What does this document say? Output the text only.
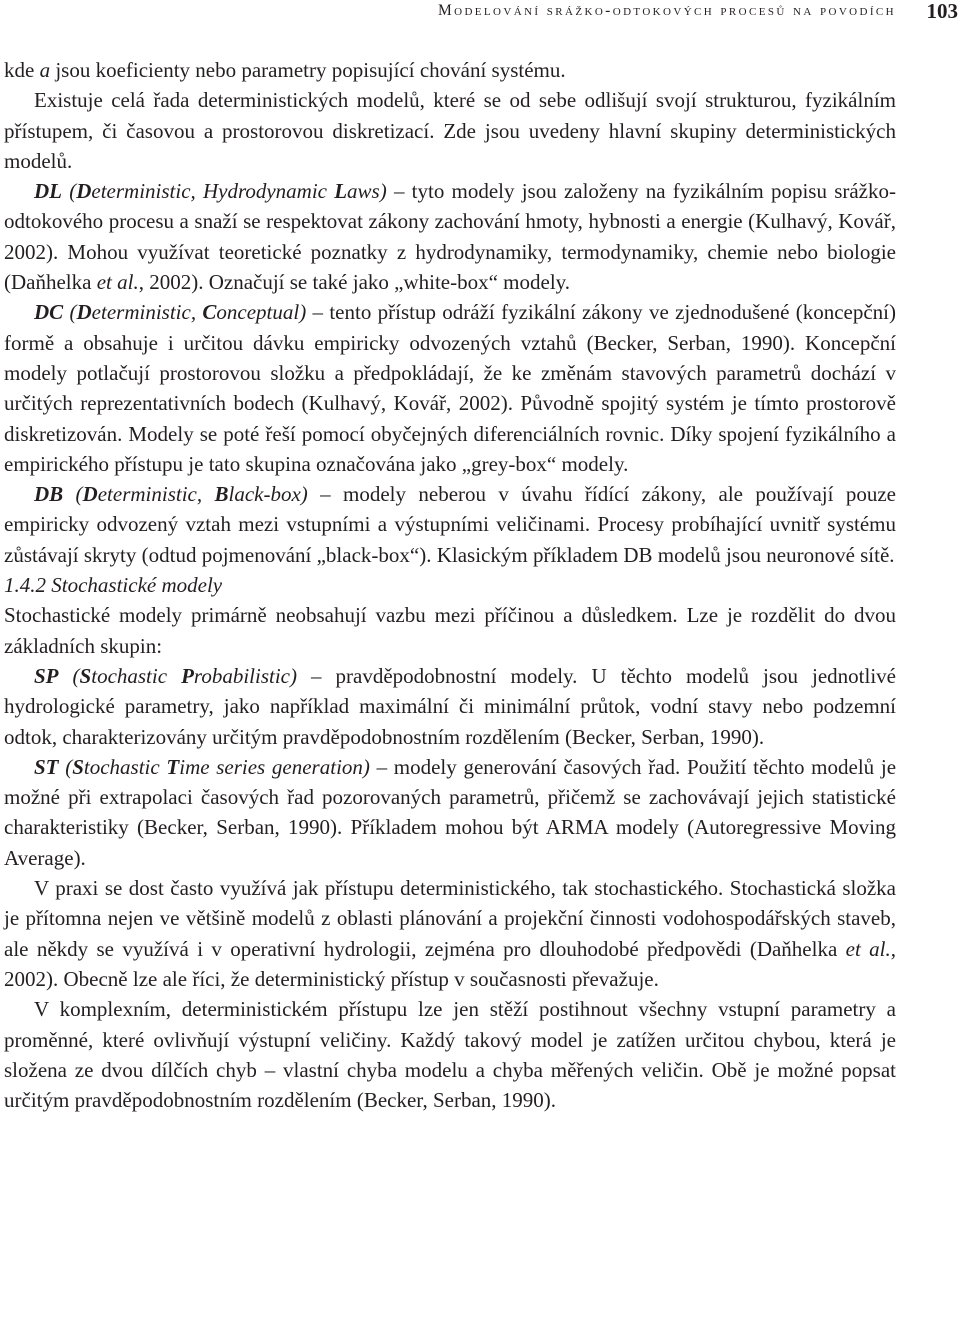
Modelování srážko-odtokových procesů na povodích 103

kde a jsou koeficienty nebo parametry popisující chování systému.

Existuje celá řada deterministických modelů, které se od sebe odlišují svojí strukturou, fyzikálním přístupem, či časovou a prostorovou diskretizací. Zde jsou uvedeny hlavní skupiny deterministických modelů.

DL (Deterministic, Hydrodynamic Laws) – tyto modely jsou založeny na fyzikálním popisu srážko-odtokového procesu a snaží se respektovat zákony zachování hmoty, hybnosti a energie (Kulhavý, Kovář, 2002). Mohou využívat teoretické poznatky z hydrodynamiky, termodynamiky, chemie nebo biologie (Daňhelka et al., 2002). Označují se také jako „white-box“ modely.

DC (Deterministic, Conceptual) – tento přístup odráží fyzikální zákony ve zjednodušené (koncepční) formě a obsahuje i určitou dávku empiricky odvozených vztahů (Becker, Serban, 1990). Koncepční modely potlačují prostorovou složku a předpokládají, že ke změnám stavových parametrů dochází v určitých reprezentativních bodech (Kulhavý, Kovář, 2002). Původně spojitý systém je tímto prostorově diskretizován. Modely se poté řeší pomocí obyčejných diferenciálních rovnic. Díky spojení fyzikálního a empirického přístupu je tato skupina označována jako „grey-box“ modely.

DB (Deterministic, Black-box) – modely neberou v úvahu řídící zákony, ale používají pouze empiricky odvozený vztah mezi vstupními a výstupními veličinami. Procesy probíhající uvnitř systému zůstávají skryty (odtud pojmenování „black-box“). Klasickým příkladem DB modelů jsou neuronové sítě.

1.4.2 Stochastické modely

Stochastické modely primárně neobsahují vazbu mezi příčinou a důsledkem. Lze je rozdělit do dvou základních skupin:

SP (Stochastic Probabilistic) – pravděpodobnostní modely. U těchto modelů jsou jednotlivé hydrologické parametry, jako například maximální či minimální průtok, vodní stavy nebo podzemní odtok, charakterizovány určitým pravděpodobnostním rozdělením (Becker, Serban, 1990).

ST (Stochastic Time series generation) – modely generování časových řad. Použití těchto modelů je možné při extrapolaci časových řad pozorovaných parametrů, přičemž se zachovávají jejich statistické charakteristiky (Becker, Serban, 1990). Příkladem mohou být ARMA modely (Autoregressive Moving Average).

V praxi se dost často využívá jak přístupu deterministického, tak stochastického. Stochastická složka je přítomna nejen ve většině modelů z oblasti plánování a projekční činnosti vodohospodářských staveb, ale někdy se využívá i v operativní hydrologii, zejména pro dlouhodobé předpovědi (Daňhelka et al., 2002). Obecně lze ale říci, že deterministický přístup v současnosti převažuje.

V komplexním, deterministickém přístupu lze jen stěží postihnout všechny vstupní parametry a proměnné, které ovlivňují výstupní veličiny. Každý takový model je zatížen určitou chybou, která je složena ze dvou dílčích chyb – vlastní chyba modelu a chyba měřených veličin. Obě je možné popsat určitým pravděpodobnostním rozdělením (Becker, Serban, 1990).
